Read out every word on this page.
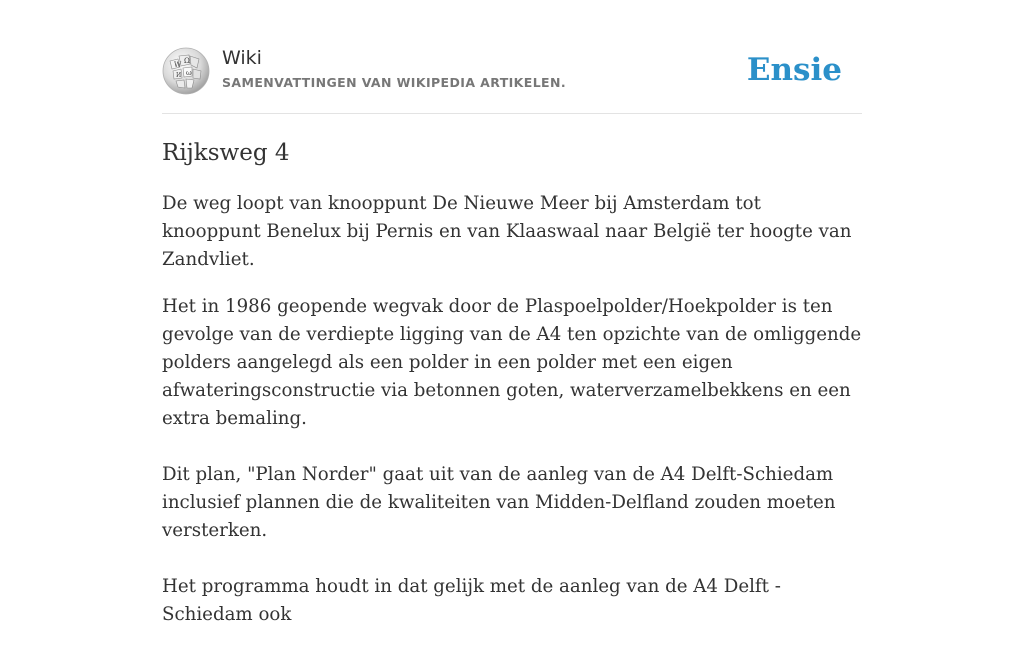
W Ω
ω
И
Wiki
SAMENVATTINGEN VAN WIKIPEDIA ARTIKELEN.	Ensie
Rijksweg 4

De weg loopt van knooppunt De Nieuwe Meer bij Amsterdam tot knooppunt Benelux bij Pernis en van Klaaswaal naar België ter hoogte van Zandvliet.

Het in 1986 geopende wegvak door de Plaspoelpolder/Hoekpolder is ten gevolge van de verdiepte ligging van de A4 ten opzichte van de omliggende polders aangelegd als een polder in een polder met een eigen afwateringsconstructie via betonnen goten, waterverzamelbekkens en een extra bemaling.

Dit plan, "Plan Norder" gaat uit van de aanleg van de A4 Delft-Schiedam inclusief plannen die de kwaliteiten van Midden-Delfland zouden moeten versterken.

Het programma houdt in dat gelijk met de aanleg van de A4 Delft - Schiedam ook
